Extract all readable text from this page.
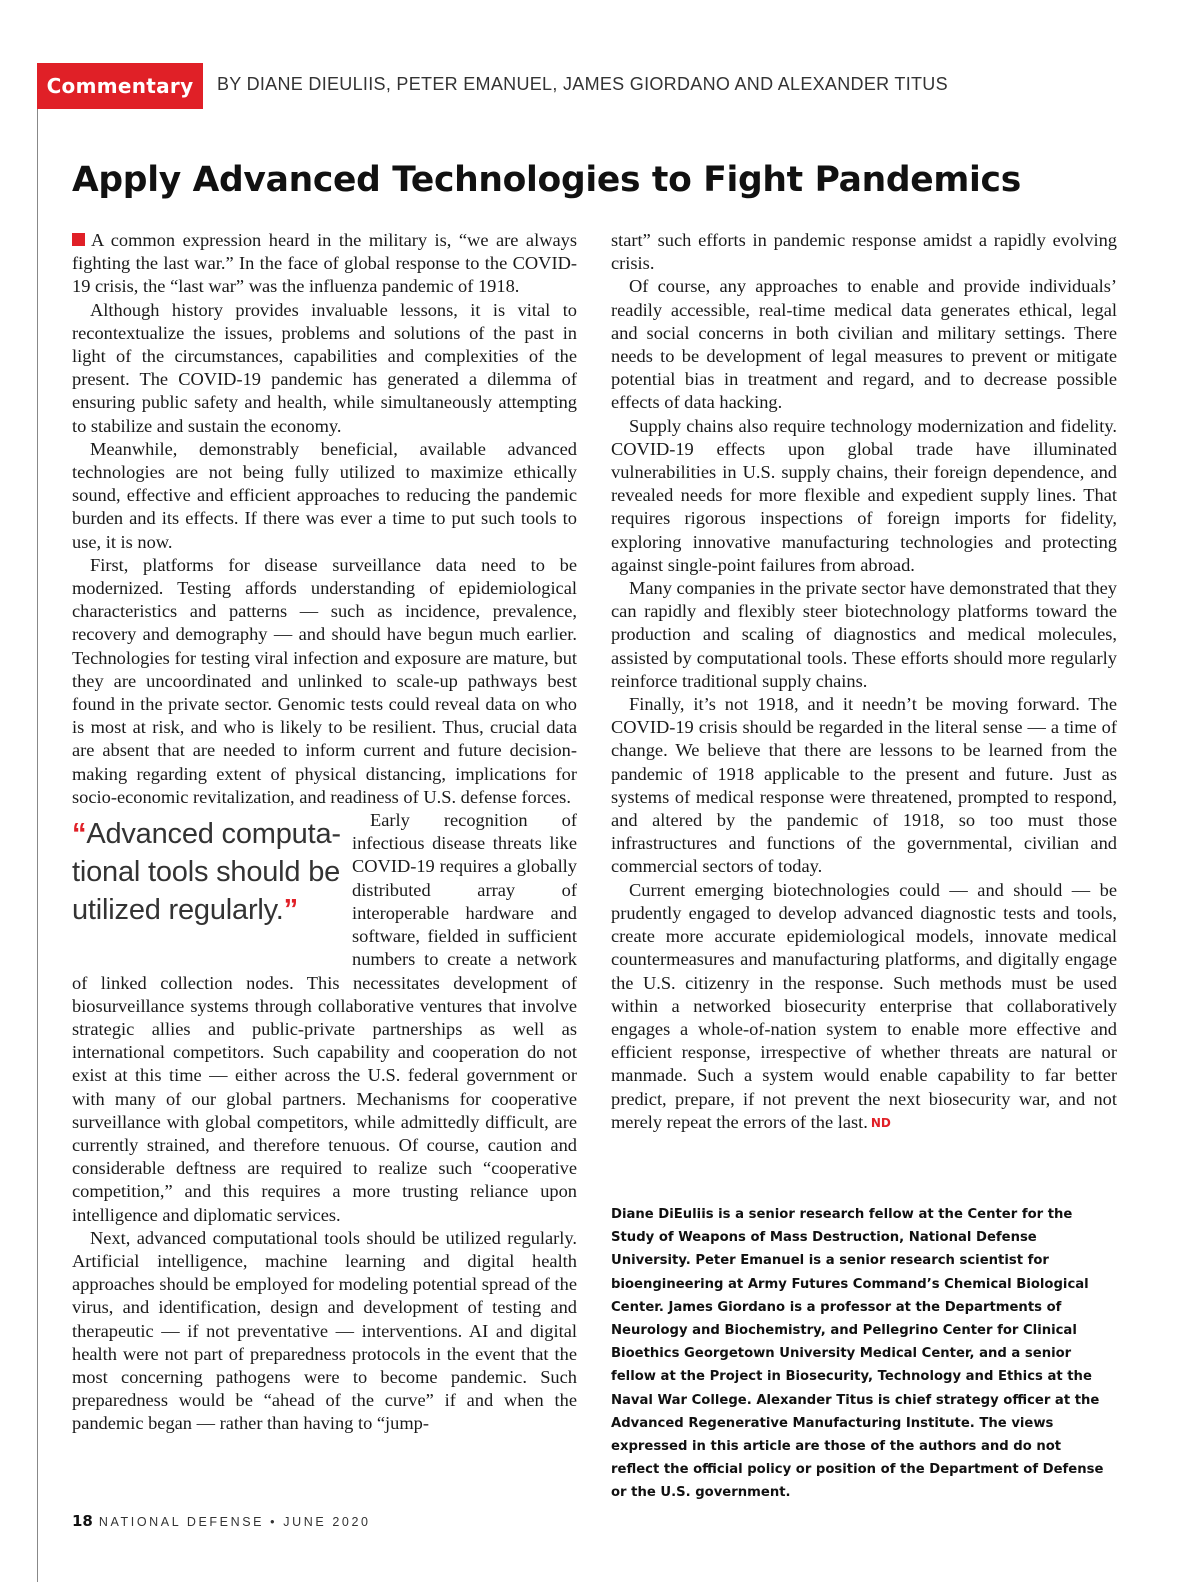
Commentary	BY DIANE DIEULIIS, PETER EMANUEL, JAMES GIORDANO AND ALEXANDER TITUS
Apply Advanced Technologies to Fight Pandemics

A common expression heard in the military is, “we are always fighting the last war.” In the face of global response to the COVID-19 crisis, the “last war” was the influenza pandemic of 1918.

Although history provides invaluable lessons, it is vital to recontextualize the issues, problems and solutions of the past in light of the circumstances, capabilities and complexities of the present. The COVID-19 pandemic has generated a dilemma of ensuring public safety and health, while simultaneously attempting to stabilize and sustain the economy.

Meanwhile, demonstrably beneficial, available advanced technologies are not being fully utilized to maximize ethically sound, effective and efficient approaches to reducing the pandemic burden and its effects. If there was ever a time to put such tools to use, it is now.

First, platforms for disease surveillance data need to be modernized. Testing affords understanding of epidemiological characteristics and patterns — such as incidence, prevalence, recovery and demography — and should have begun much earlier. Technologies for testing viral infection and exposure are mature, but they are uncoordinated and unlinked to scale-up pathways best found in the private sector. Genomic tests could reveal data on who is most at risk, and who is likely to be resilient. Thus, crucial data are absent that are needed to inform current and future decision-making regarding extent of physical distancing, implications for socio-economic revitalization, and readiness of U.S. defense forces.

“Advanced computa-tional tools should be utilized regularly.”

Early recognition of infectious disease threats like COVID-19 requires a globally distributed array of interoperable hardware and software, fielded in sufficient numbers to create a network of linked collection nodes. This necessitates development of biosurveillance systems through collaborative ventures that involve strategic allies and public-private partnerships as well as international competitors. Such capability and cooperation do not exist at this time — either across the U.S. federal government or with many of our global partners. Mechanisms for cooperative surveillance with global competitors, while admittedly difficult, are currently strained, and therefore tenuous. Of course, caution and considerable deftness are required to realize such “cooperative competition,” and this requires a more trusting reliance upon intelligence and diplomatic services.

Next, advanced computational tools should be utilized regularly. Artificial intelligence, machine learning and digital health approaches should be employed for modeling potential spread of the virus, and identification, design and development of testing and therapeutic — if not preventative — interventions. AI and digital health were not part of preparedness protocols in the event that the most concerning pathogens were to become pandemic. Such preparedness would be “ahead of the curve” if and when the pandemic began — rather than having to “jump-

start” such efforts in pandemic response amidst a rapidly evolving crisis.

Of course, any approaches to enable and provide individuals’ readily accessible, real-time medical data generates ethical, legal and social concerns in both civilian and military settings. There needs to be development of legal measures to prevent or mitigate potential bias in treatment and regard, and to decrease possible effects of data hacking.

Supply chains also require technology modernization and fidelity. COVID-19 effects upon global trade have illuminated vulnerabilities in U.S. supply chains, their foreign dependence, and revealed needs for more flexible and expedient supply lines. That requires rigorous inspections of foreign imports for fidelity, exploring innovative manufacturing technologies and protecting against single-point failures from abroad.

Many companies in the private sector have demonstrated that they can rapidly and flexibly steer biotechnology platforms toward the production and scaling of diagnostics and medical molecules, assisted by computational tools. These efforts should more regularly reinforce traditional supply chains.

Finally, it’s not 1918, and it needn’t be moving forward. The COVID-19 crisis should be regarded in the literal sense — a time of change. We believe that there are lessons to be learned from the pandemic of 1918 applicable to the present and future. Just as systems of medical response were threatened, prompted to respond, and altered by the pandemic of 1918, so too must those infrastructures and functions of the governmental, civilian and commercial sectors of today.

Current emerging biotechnologies could — and should — be prudently engaged to develop advanced diagnostic tests and tools, create more accurate epidemiological models, innovate medical countermeasures and manufacturing platforms, and digitally engage the U.S. citizenry in the response. Such methods must be used within a networked biosecurity enterprise that collaboratively engages a whole-of-nation system to enable more effective and efficient response, irrespective of whether threats are natural or manmade. Such a system would enable capability to far better predict, prepare, if not prevent the next biosecurity war, and not merely repeat the errors of the last. ND

Diane DiEuliis is a senior research fellow at the Center for the Study of Weapons of Mass Destruction, National Defense University. Peter Emanuel is a senior research scientist for bioengineering at Army Futures Command’s Chemical Biological Center. James Giordano is a professor at the Departments of Neurology and Biochemistry, and Pellegrino Center for Clinical Bioethics Georgetown University Medical Center, and a senior fellow at the Project in Biosecurity, Technology and Ethics at the Naval War College. Alexander Titus is chief strategy officer at the Advanced Regenerative Manufacturing Institute. The views expressed in this article are those of the authors and do not reflect the official policy or position of the Department of Defense or the U.S. government.

18 NATIONAL DEFENSE • JUNE 2020
